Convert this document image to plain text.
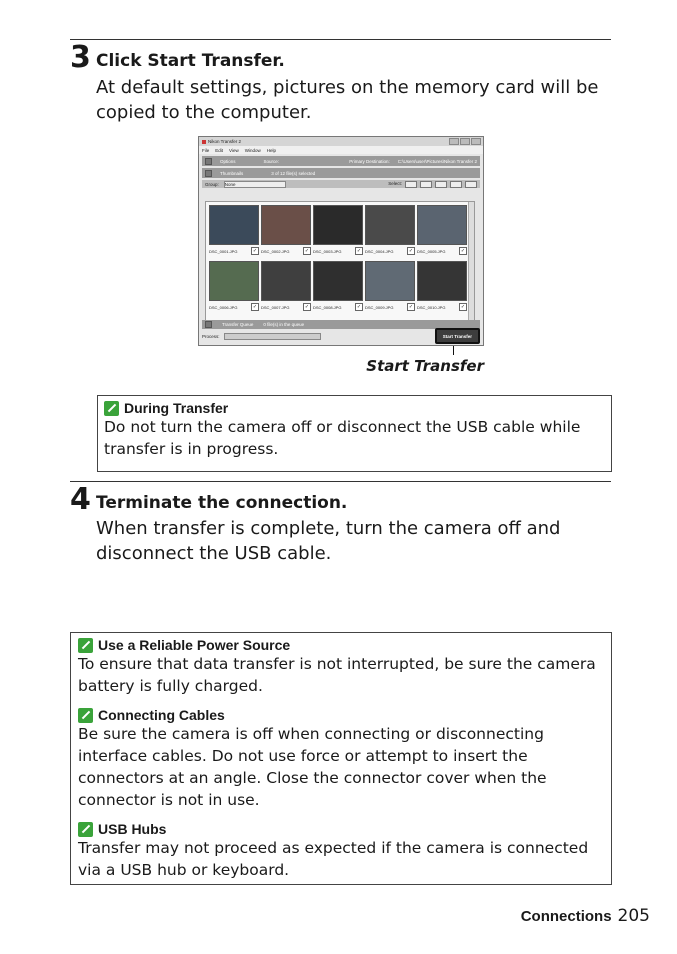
3 Click Start Transfer.
At default settings, pictures on the memory card will be copied to the computer.
Nikon Transfer 2
File Edit View Window Help
Options	Source:	Primary Destination: C:\Users\user\Pictures\Nikon Transfer 2
Thumbnails	3 of 12 file(s) selected
Group: None	Select:
DSC_0001.JPG	✓ DSC_0002.JPG	✓ DSC_0003.JPG	✓ DSC_0004.JPG	✓ DSC_0005.JPG	✓
DSC_0006.JPG	✓ DSC_0007.JPG	✓ DSC_0008.JPG	✓ DSC_0009.JPG	✓ DSC_0010.JPG	✓
Transfer Queue 0 file(s) in the queue
Process:	Start Transfer
Start Transfer
During Transfer
Do not turn the camera off or disconnect the USB cable while transfer is in progress.
4 Terminate the connection.
When transfer is complete, turn the camera off and disconnect the USB cable.
Use a Reliable Power Source
To ensure that data transfer is not interrupted, be sure the camera battery is fully charged.
Connecting Cables
Be sure the camera is off when connecting or disconnecting interface cables. Do not use force or attempt to insert the connectors at an angle. Close the connector cover when the connector is not in use.
USB Hubs
Transfer may not proceed as expected if the camera is connected via a USB hub or keyboard.
Connections 205
